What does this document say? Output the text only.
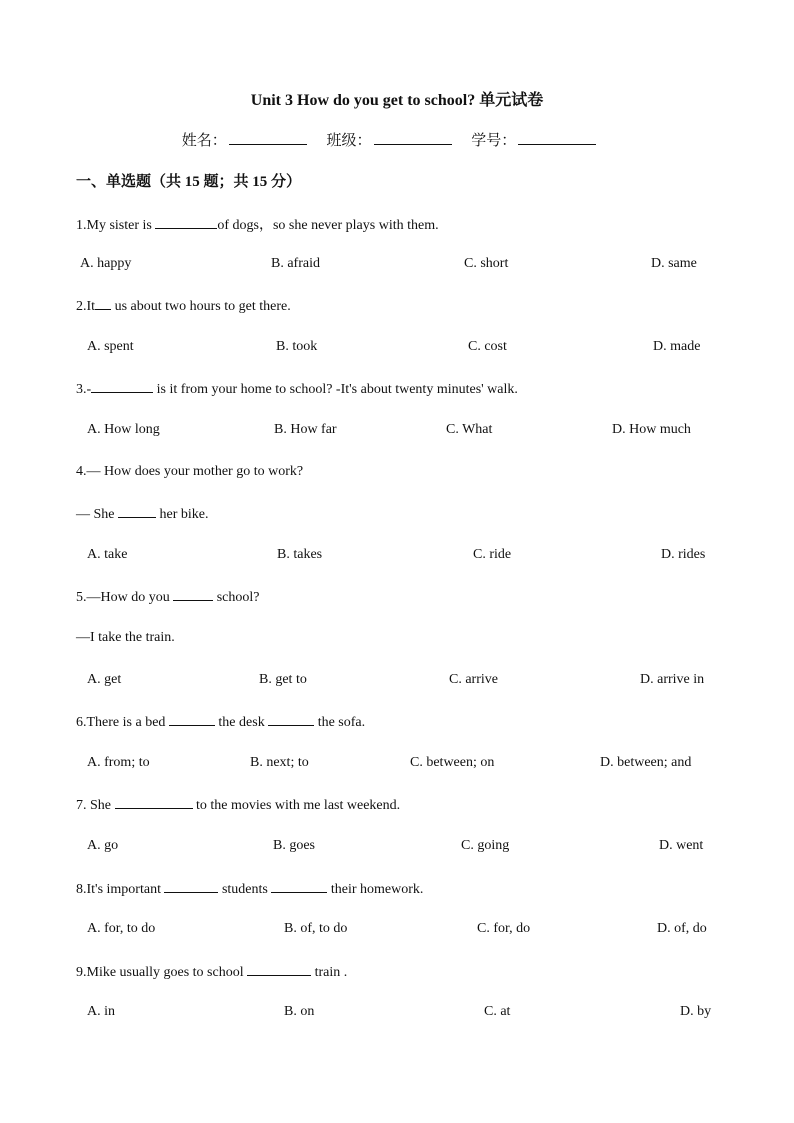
Unit 3 How do you get to school? 单元试卷
姓名：	班级：	学号：
一、单选题（共 15 题；共 15 分）
1.My sister is	of dogs，so she never plays with them.
A. happy	B. afraid	C. short	D. same
2.It us about two hours to get there.
A. spent	B. took	C. cost	D. made
3.-	is it from your home to school? -It's about twenty minutes' walk.
A. How long	B. How far	C. What	D. How much
4.— How does your mother go to work?
— She	her bike.
A. take	B. takes	C. ride	D. rides
5.—How do you	school?
—I take the train.
A. get	B. get to	C. arrive	D. arrive in
6.There is a bed	the desk	the sofa.
A. from; to	B. next; to	C. between; on	D. between; and
7. She	to the movies with me last weekend.
A. go	B. goes	C. going	D. went
8.It's important	students	their homework.
A. for, to do	B. of, to do	C. for, do	D. of, do
9.Mike usually goes to school	train .
A. in	B. on	C. at	D. by
